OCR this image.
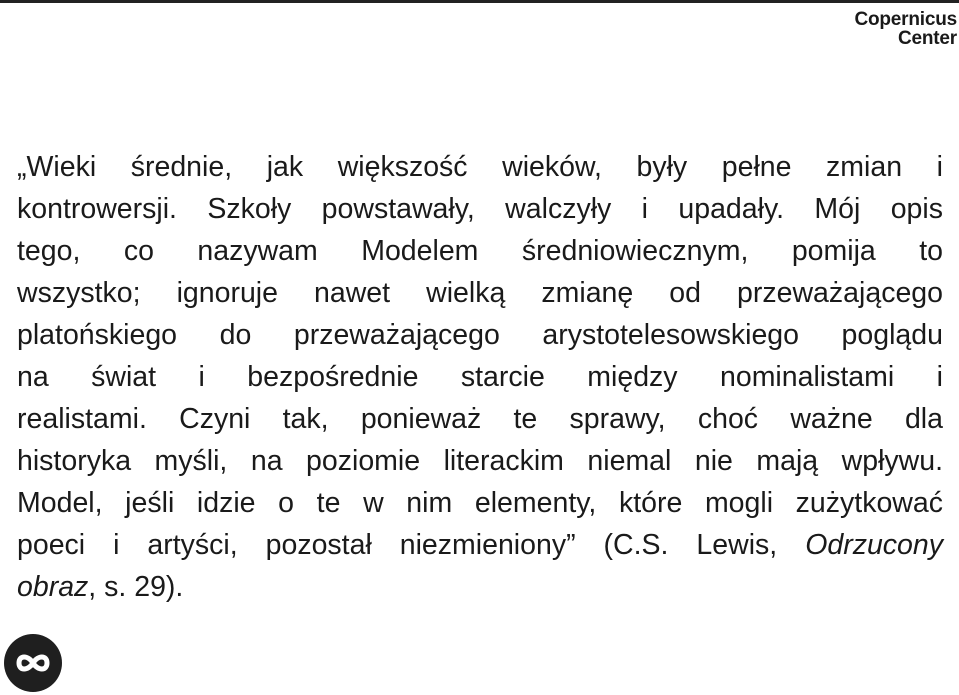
Copernicus
Center
„Wieki średnie, jak większość wieków, były pełne zmian i
kontrowersji. Szkoły powstawały, walczyły i upadały. Mój opis
tego, co nazywam Modelem średniowiecznym, pomija to
wszystko; ignoruje nawet wielką zmianę od przeważającego
platońskiego do przeważającego arystotelesowskiego poglądu
na świat i bezpośrednie starcie między nominalistami i
realistami. Czyni tak, ponieważ te sprawy, choć ważne dla
historyka myśli, na poziomie literackim niemal nie mają wpływu.
Model, jeśli idzie o te w nim elementy, które mogli zużytkować
poeci i artyści, pozostał niezmieniony” (C.S. Lewis, Odrzucony
obraz, s. 29).
